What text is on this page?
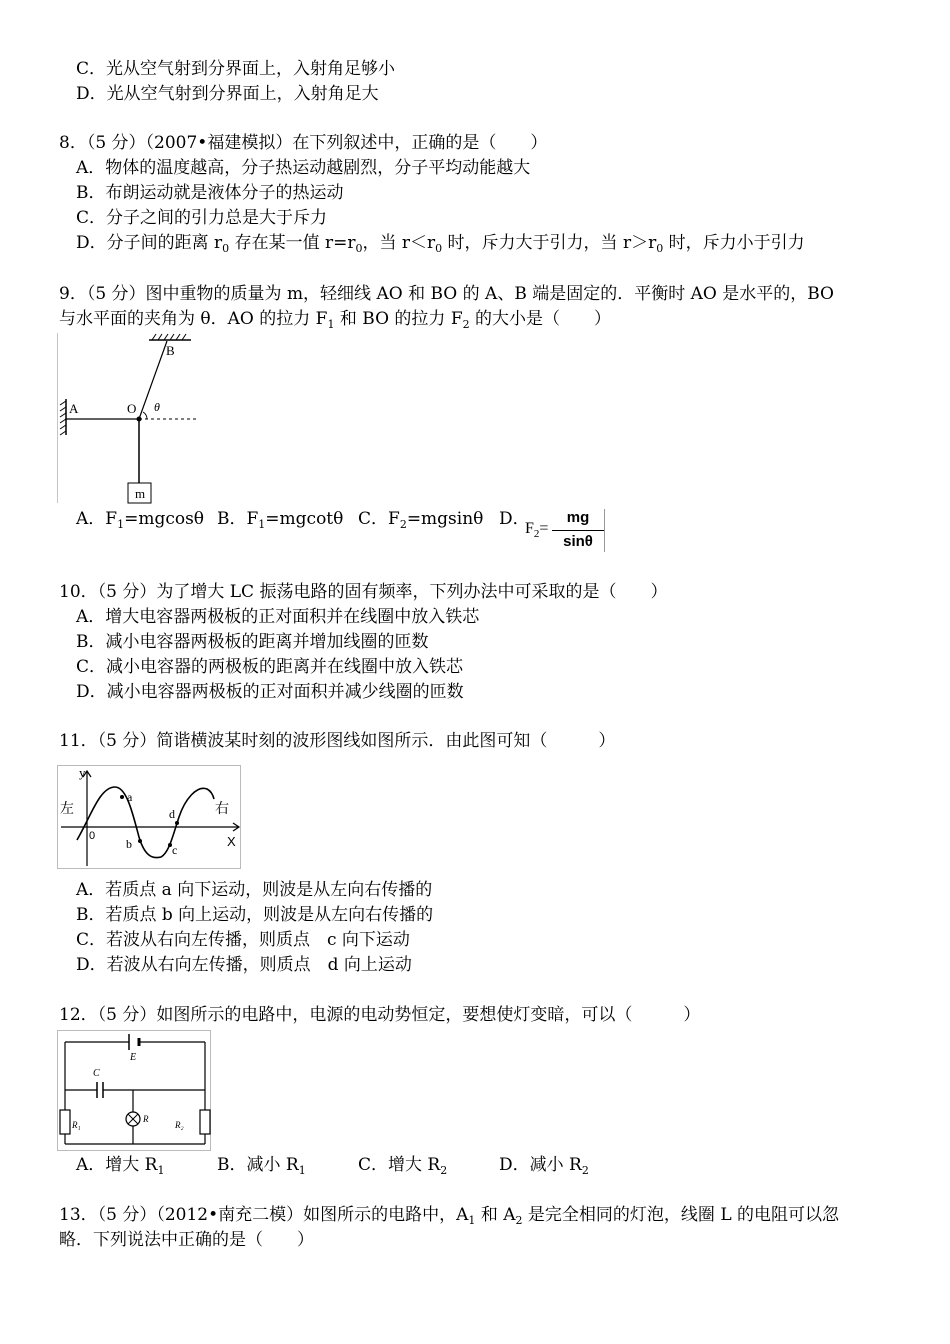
C．光从空气射到分界面上，入射角足够小
D．光从空气射到分界面上，入射角足大
8．（5 分）（2007•福建模拟）在下列叙述中，正确的是（　　）
A．物体的温度越高，分子热运动越剧烈，分子平均动能越大
B．布朗运动就是液体分子的热运动
C．分子之间的引力总是大于斥力
D．分子间的距离 $r_0$ 存在某一值 $r=r_0$，当 $r<r_0$ 时，斥力大于引力，当 $r>r_0$ 时，斥力小于引力
9．（5 分）图中重物的质量为 m，轻细线 AO 和 BO 的 A、B 端是固定的．平衡时 AO 是水平的，BO
与水平面的夹角为 θ．AO 的拉力 $F_1$ 和 BO 的拉力 $F_2$ 的大小是（　　）
B
A	O θ
m
A．$F_1=mgcos\theta$ B．$F_1=mgcot\theta$ C．$F_2=mgsin\theta$ D．
$F_2=$
mg
sinθ
10．（5 分）为了增大 LC 振荡电路的固有频率，下列办法中可采取的是（　　）
A．增大电容器两极板的正对面积并在线圈中放入铁芯
B．减小电容器两极板的距离并增加线圈的匝数
C．减小电容器的两极板的距离并在线圈中放入铁芯
D．减小电容器两极板的正对面积并减少线圈的匝数
11．（5 分）简谐横波某时刻的波形图线如图所示．由此图可知（　　　）
y
X
0
左	右
a
b	c
d
A．若质点 a 向下运动，则波是从左向右传播的
B．若质点 b 向上运动，则波是从左向右传播的
C．若波从右向左传播，则质点　c 向下运动
D．若波从右向左传播，则质点　d 向上运动
12．（5 分）如图所示的电路中，电源的电动势恒定，要想使灯变暗，可以（　　　）
E
C
R₁	R₂
R
A．增大 $R_1$	B．减小 $R_1$	C．增大 $R_2$	D．减小 $R_2$
13．（5 分）（2012•南充二模）如图所示的电路中，$A_1$ 和 $A_2$ 是完全相同的灯泡，线圈 L 的电阻可以忽
略．下列说法中正确的是（　　）
